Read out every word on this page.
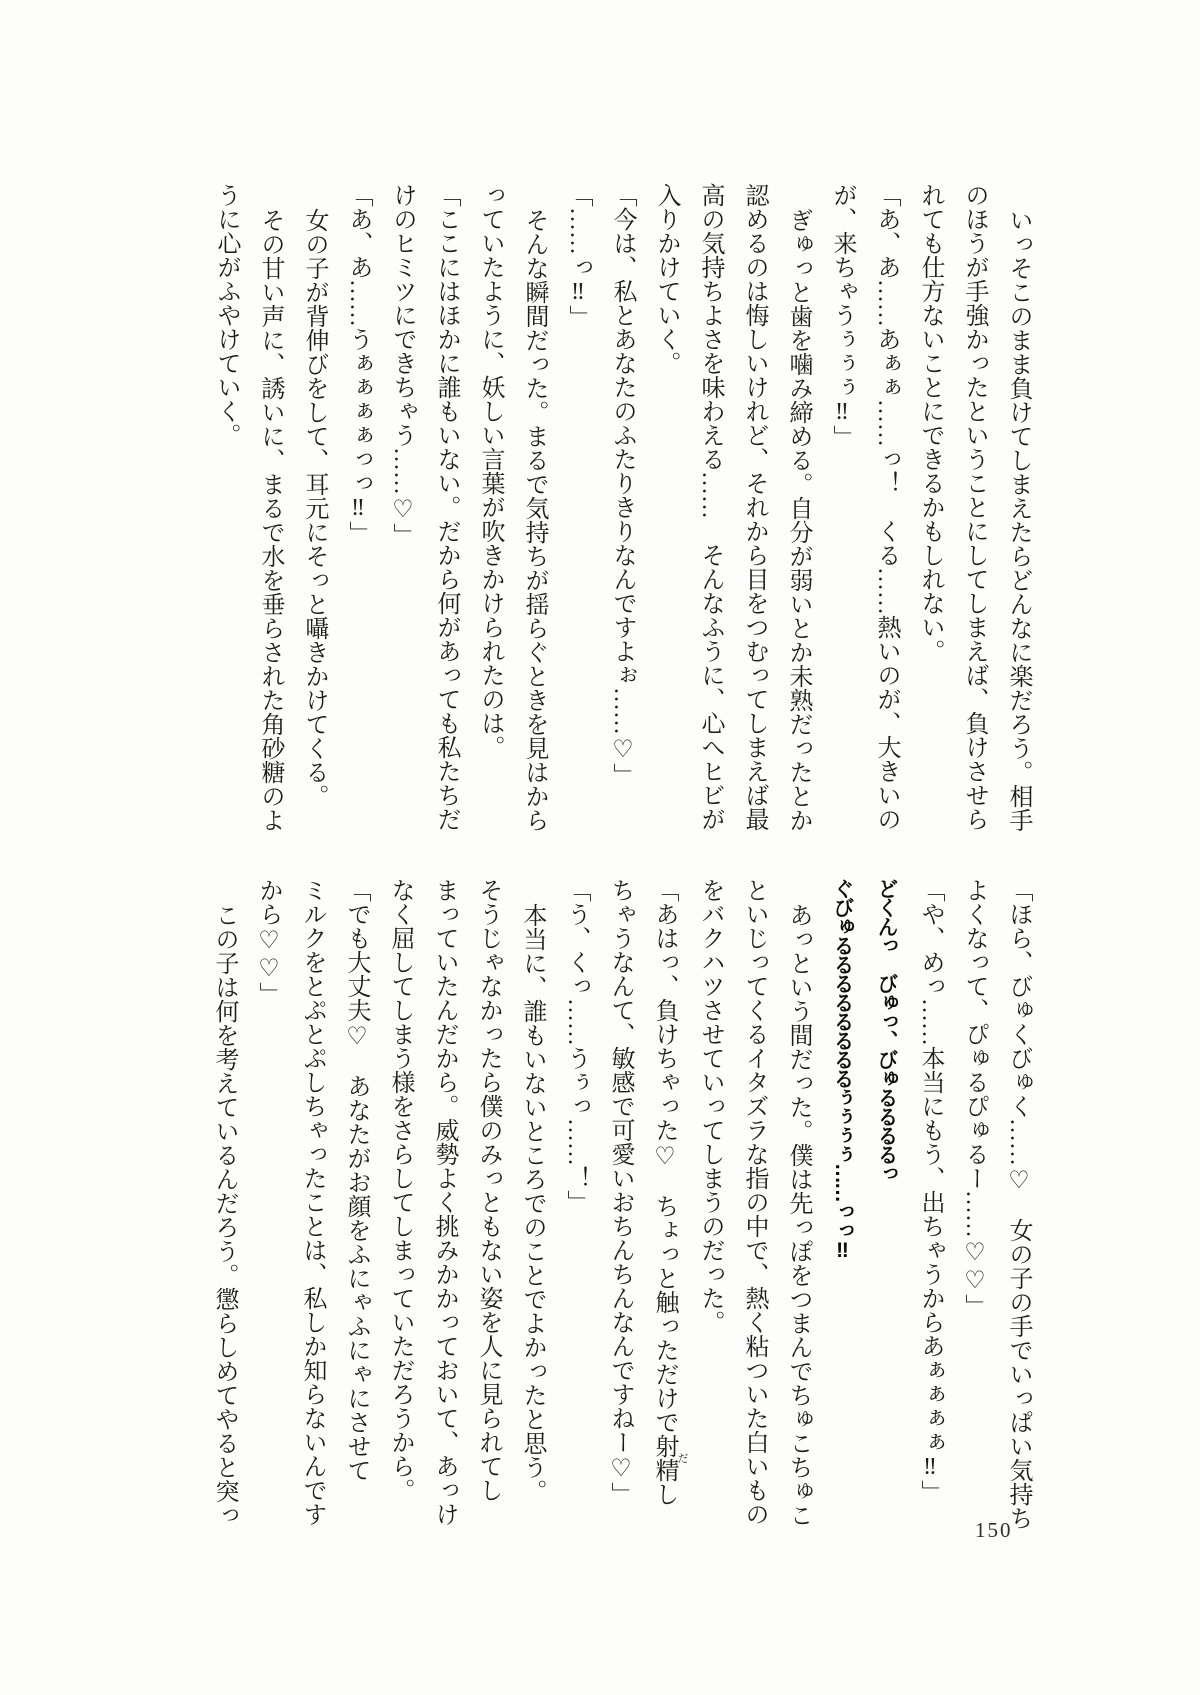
いっそこのまま負けてしまえたらどんなに楽だろう。相手

のほうが手強かったということにしてしまえば、負けさせら

れても仕方ないことにできるかもしれない。

「あ、あ……あぁぁ……っ！　くる……熱いのが、大きいの

が、来ちゃうぅぅぅ‼」

ぎゅっと歯を噛み締める。自分が弱いとか未熟だったとか

認めるのは悔しいけれど、それから目をつむってしまえば最

高の気持ちよさを味わえる……　そんなふうに、心へヒビが

入りかけていく。

「今は、私とあなたのふたりきりなんですよぉ……♡」

「……っ‼」

そんな瞬間だった。まるで気持ちが揺らぐときを見はから

っていたように、妖しい言葉が吹きかけられたのは。

「ここにはほかに誰もいない。だから何があっても私たちだ

けのヒミツにできちゃう……♡」

「あ、あ……うぁぁぁぁっっ‼」

女の子が背伸びをして、耳元にそっと囁きかけてくる。

その甘い声に、誘いに、まるで水を垂らされた角砂糖のよ

うに心がふやけていく。

「ほら、びゅくびゅく……♡　女の子の手でいっぱい気持ち

よくなって、ぴゅるぴゅるー……♡♡」

「や、めっ……本当にもう、出ちゃうからあぁぁぁぁ‼」

どくんっ　びゅっ、びゅるるるるっ

ぐびゅるるるるるるるるぅぅぅぅ……っっ‼

あっという間だった。僕は先っぽをつまんでちゅこちゅこ

といじってくるイタズラな指の中で、熱く粘ついた白いもの

をバクハツさせていってしまうのだった。

「あはっ、負けちゃった♡　ちょっと触っただけで射精 だし

ちゃうなんて、敏感で可愛いおちんちんなんですねー♡」

「う、くっ……うぅっ……！」

本当に、誰もいないところでのことでよかったと思う。

そうじゃなかったら僕のみっともない姿を人に見られてし

まっていたんだから。威勢よく挑みかかっておいて、あっけ

なく屈してしまう様をさらしてしまっていただろうから。

「でも大丈夫♡　あなたがお顔をふにゃふにゃにさせて

ミルクをとぷとぷしちゃったことは、私しか知らないんです

から♡♡」

この子は何を考えているんだろう。懲らしめてやると突っ

150
